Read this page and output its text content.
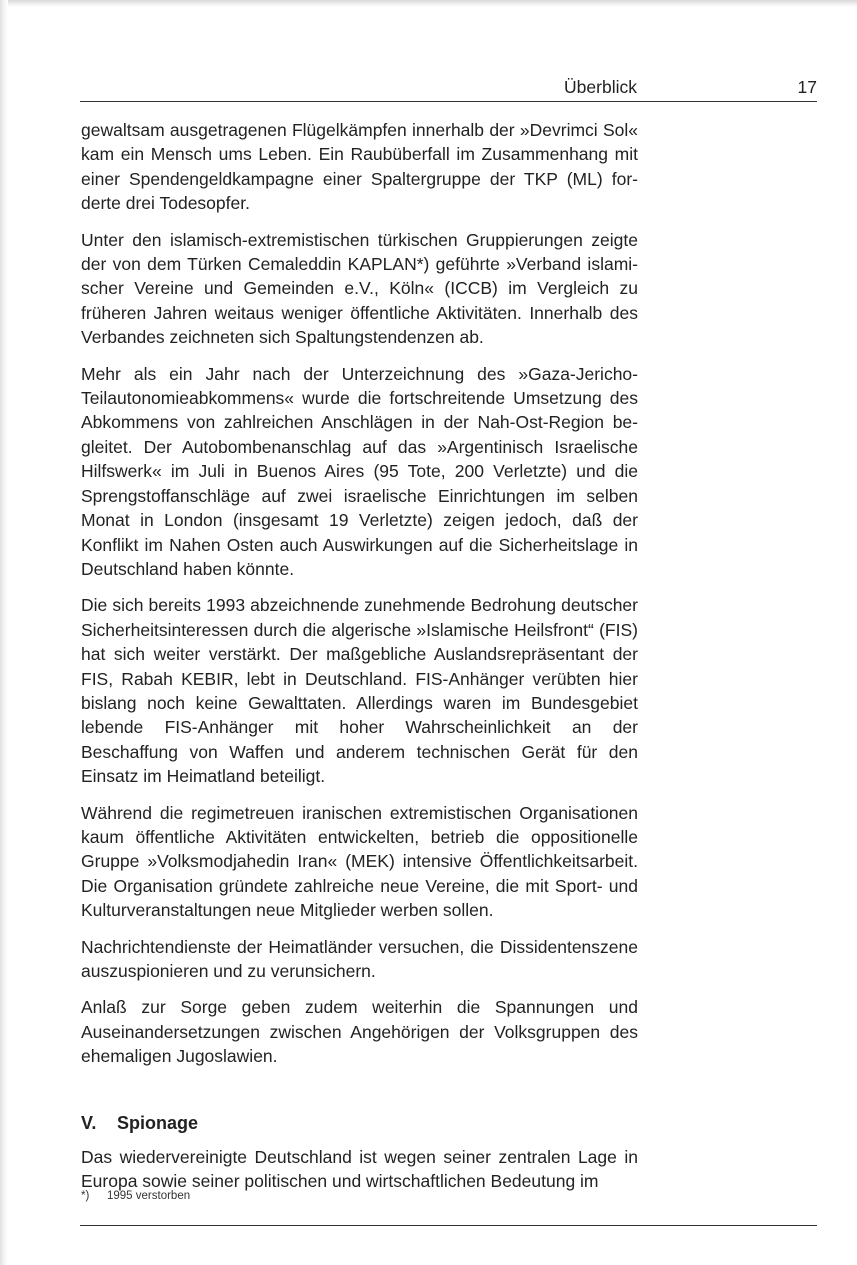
Überblick	17

gewaltsam ausgetragenen Flügelkämpfen innerhalb der »Devrimci Sol« kam ein Mensch ums Leben. Ein Raubüberfall im Zusammenhang mit einer Spendengeldkampagne einer Spaltergruppe der TKP (ML) forderte drei Todesopfer.

Unter den islamisch-extremistischen türkischen Gruppierungen zeigte der von dem Türken Cemaleddin KAPLAN*) geführte »Verband islamischer Vereine und Gemeinden e.V., Köln« (ICCB) im Vergleich zu früheren Jahren weitaus weniger öffentliche Aktivitäten. Innerhalb des Verbandes zeichneten sich Spaltungstendenzen ab.

Mehr als ein Jahr nach der Unterzeichnung des »Gaza-Jericho-Teilautonomieabkommens« wurde die fortschreitende Umsetzung des Abkommens von zahlreichen Anschlägen in der Nah-Ost-Region begleitet. Der Autobombenanschlag auf das »Argentinisch Israelische Hilfswerk« im Juli in Buenos Aires (95 Tote, 200 Verletzte) und die Sprengstoffanschläge auf zwei israelische Einrichtungen im selben Monat in London (insgesamt 19 Verletzte) zeigen jedoch, daß der Konflikt im Nahen Osten auch Auswirkungen auf die Sicherheitslage in Deutschland haben könnte.

Die sich bereits 1993 abzeichnende zunehmende Bedrohung deutscher Sicherheitsinteressen durch die algerische »Islamische Heilsfront“ (FIS) hat sich weiter verstärkt. Der maßgebliche Auslandsrepräsentant der FIS, Rabah KEBIR, lebt in Deutschland. FIS-Anhänger verübten hier bislang noch keine Gewalttaten. Allerdings waren im Bundesgebiet lebende FIS-Anhänger mit hoher Wahrscheinlichkeit an der Beschaffung von Waffen und anderem technischen Gerät für den Einsatz im Heimatland beteiligt.

Während die regimetreuen iranischen extremistischen Organisationen kaum öffentliche Aktivitäten entwickelten, betrieb die oppositionelle Gruppe »Volksmodjahedin Iran« (MEK) intensive Öffentlichkeitsarbeit. Die Organisation gründete zahlreiche neue Vereine, die mit Sport- und Kulturveranstaltungen neue Mitglieder werben sollen.

Nachrichtendienste der Heimatländer versuchen, die Dissidentenszene auszuspionieren und zu verunsichern.

Anlaß zur Sorge geben zudem weiterhin die Spannungen und Auseinandersetzungen zwischen Angehörigen der Volksgruppen des ehemaligen Jugoslawien.

V. Spionage

Das wiedervereinigte Deutschland ist wegen seiner zentralen Lage in Europa sowie seiner politischen und wirtschaftlichen Bedeutung im

*) 1995 verstorben
